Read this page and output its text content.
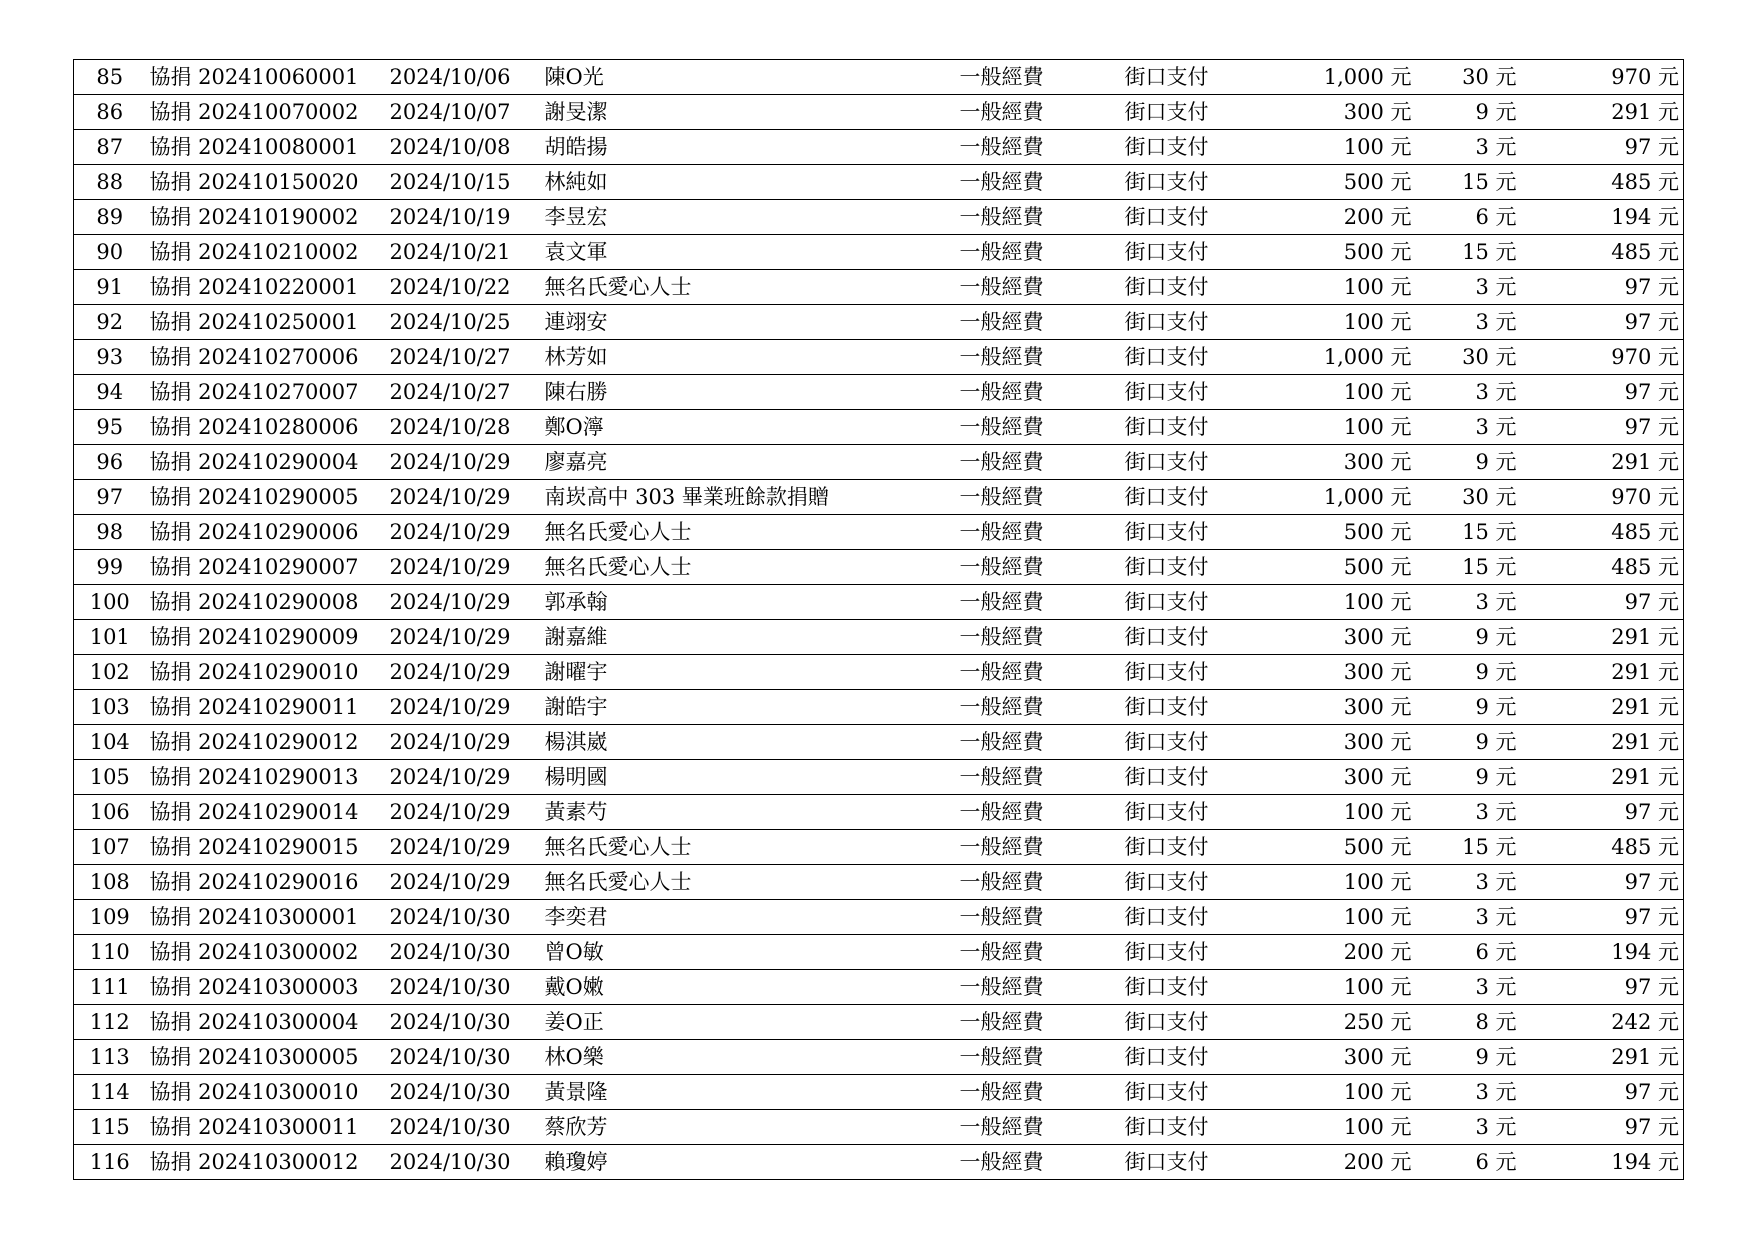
85	協捐 202410060001	2024/10/06	陳O光	一般經費	街口支付	1,000 元	30 元	970 元
86	協捐 202410070002	2024/10/07	謝旻潔	一般經費	街口支付	300 元	9 元	291 元
87	協捐 202410080001	2024/10/08	胡皓揚	一般經費	街口支付	100 元	3 元	97 元
88	協捐 202410150020	2024/10/15	林純如	一般經費	街口支付	500 元	15 元	485 元
89	協捐 202410190002	2024/10/19	李昱宏	一般經費	街口支付	200 元	6 元	194 元
90	協捐 202410210002	2024/10/21	袁文軍	一般經費	街口支付	500 元	15 元	485 元
91	協捐 202410220001	2024/10/22	無名氏愛心人士	一般經費	街口支付	100 元	3 元	97 元
92	協捐 202410250001	2024/10/25	連翊安	一般經費	街口支付	100 元	3 元	97 元
93	協捐 202410270006	2024/10/27	林芳如	一般經費	街口支付	1,000 元	30 元	970 元
94	協捐 202410270007	2024/10/27	陳右勝	一般經費	街口支付	100 元	3 元	97 元
95	協捐 202410280006	2024/10/28	鄭O濘	一般經費	街口支付	100 元	3 元	97 元
96	協捐 202410290004	2024/10/29	廖嘉亮	一般經費	街口支付	300 元	9 元	291 元
97	協捐 202410290005	2024/10/29	南崁高中 303 畢業班餘款捐贈	一般經費	街口支付	1,000 元	30 元	970 元
98	協捐 202410290006	2024/10/29	無名氏愛心人士	一般經費	街口支付	500 元	15 元	485 元
99	協捐 202410290007	2024/10/29	無名氏愛心人士	一般經費	街口支付	500 元	15 元	485 元
100	協捐 202410290008	2024/10/29	郭承翰	一般經費	街口支付	100 元	3 元	97 元
101	協捐 202410290009	2024/10/29	謝嘉維	一般經費	街口支付	300 元	9 元	291 元
102	協捐 202410290010	2024/10/29	謝曜宇	一般經費	街口支付	300 元	9 元	291 元
103	協捐 202410290011	2024/10/29	謝皓宇	一般經費	街口支付	300 元	9 元	291 元
104	協捐 202410290012	2024/10/29	楊淇崴	一般經費	街口支付	300 元	9 元	291 元
105	協捐 202410290013	2024/10/29	楊明國	一般經費	街口支付	300 元	9 元	291 元
106	協捐 202410290014	2024/10/29	黃素芍	一般經費	街口支付	100 元	3 元	97 元
107	協捐 202410290015	2024/10/29	無名氏愛心人士	一般經費	街口支付	500 元	15 元	485 元
108	協捐 202410290016	2024/10/29	無名氏愛心人士	一般經費	街口支付	100 元	3 元	97 元
109	協捐 202410300001	2024/10/30	李奕君	一般經費	街口支付	100 元	3 元	97 元
110	協捐 202410300002	2024/10/30	曾O敏	一般經費	街口支付	200 元	6 元	194 元
111	協捐 202410300003	2024/10/30	戴O嫩	一般經費	街口支付	100 元	3 元	97 元
112	協捐 202410300004	2024/10/30	姜O正	一般經費	街口支付	250 元	8 元	242 元
113	協捐 202410300005	2024/10/30	林O樂	一般經費	街口支付	300 元	9 元	291 元
114	協捐 202410300010	2024/10/30	黃景隆	一般經費	街口支付	100 元	3 元	97 元
115	協捐 202410300011	2024/10/30	蔡欣芳	一般經費	街口支付	100 元	3 元	97 元
116	協捐 202410300012	2024/10/30	賴瓊婷	一般經費	街口支付	200 元	6 元	194 元
